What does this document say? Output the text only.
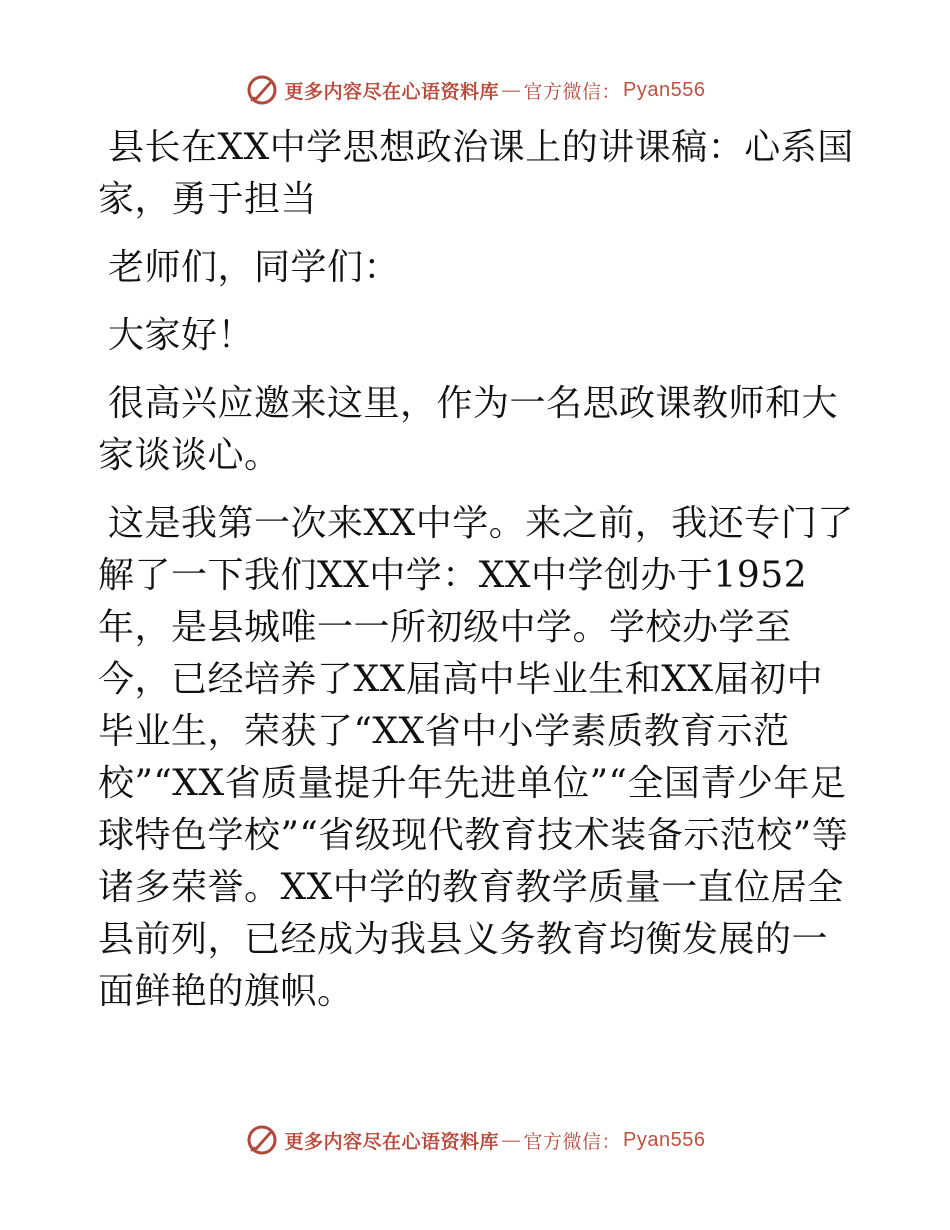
更多内容尽在心语资料库 — 官方微信： Pyan556

县长在XX中学思想政治课上的讲课稿：心系国家，勇于担当

老师们，同学们：

大家好！

很高兴应邀来这里，作为一名思政课教师和大家谈谈心。

这是我第一次来XX中学。来之前，我还专门了解了一下我们XX中学：XX中学创办于1952年，是县城唯一一所初级中学。学校办学至今，已经培养了XX届高中毕业生和XX届初中毕业生，荣获了“XX省中小学素质教育示范校”“XX省质量提升年先进单位”“全国青少年足球特色学校”“省级现代教育技术装备示范校”等诸多荣誉。XX中学的教育教学质量一直位居全县前列，已经成为我县义务教育均衡发展的一面鲜艳的旗帜。

更多内容尽在心语资料库 — 官方微信： Pyan556
